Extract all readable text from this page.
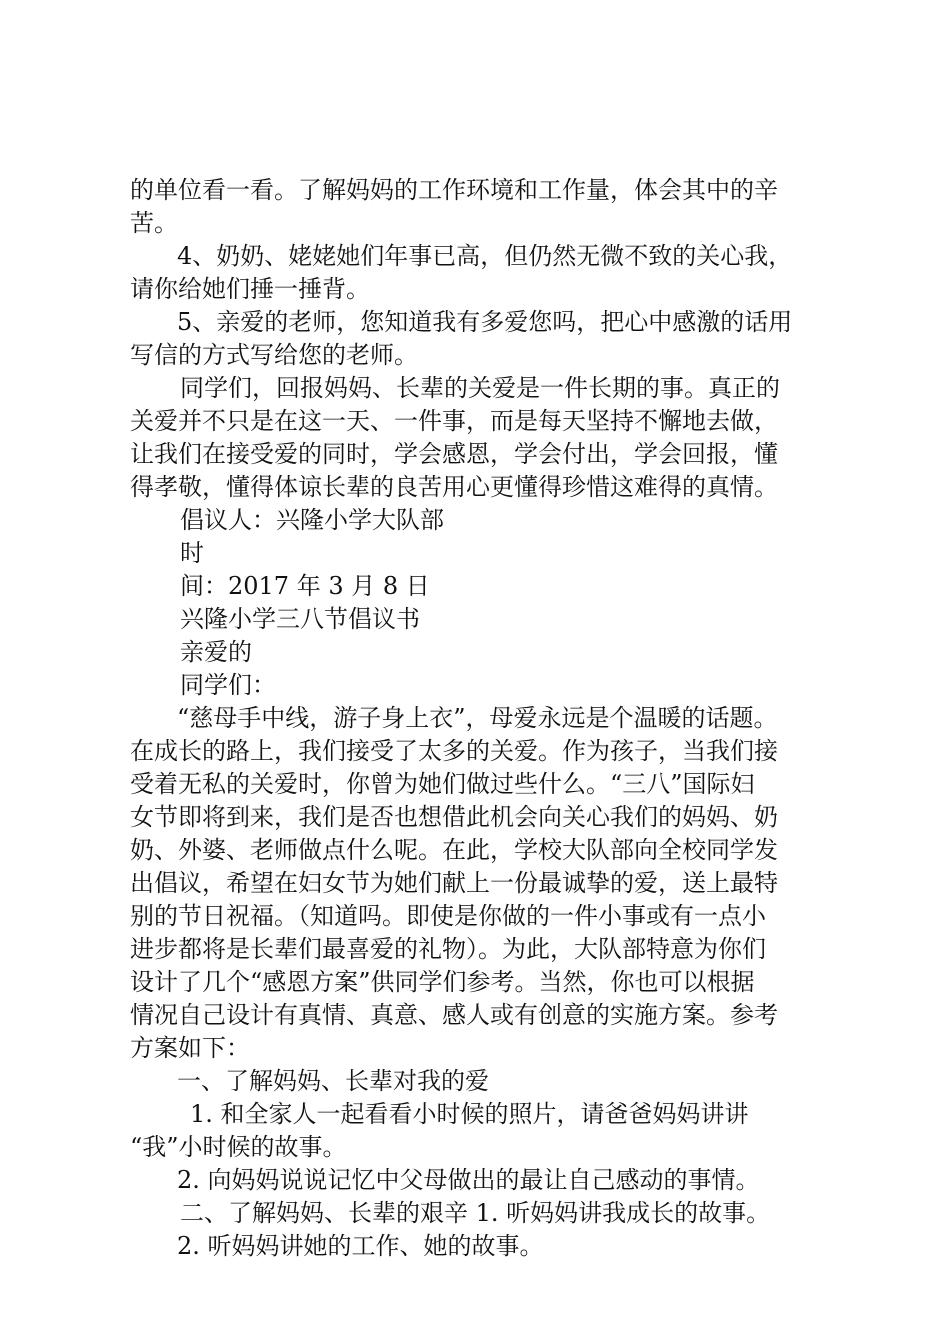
的单位看一看。了解妈妈的工作环境和工作量，体会其中的辛
苦。
4、奶奶、姥姥她们年事已高，但仍然无微不致的关心我，
请你给她们捶一捶背。
5、亲爱的老师，您知道我有多爱您吗，把心中感激的话用
写信的方式写给您的老师。
同学们，回报妈妈、长辈的关爱是一件长期的事。真正的
关爱并不只是在这一天、一件事，而是每天坚持不懈地去做，
让我们在接受爱的同时，学会感恩，学会付出，学会回报，懂
得孝敬，懂得体谅长辈的良苦用心更懂得珍惜这难得的真情。
倡议人：兴隆小学大队部
时
间：2017 年 3 月 8 日
兴隆小学三八节倡议书
亲爱的
同学们：
“慈母手中线，游子身上衣”，母爱永远是个温暖的话题。
在成长的路上，我们接受了太多的关爱。作为孩子，当我们接
受着无私的关爱时，你曾为她们做过些什么。“三八”国际妇
女节即将到来，我们是否也想借此机会向关心我们的妈妈、奶
奶、外婆、老师做点什么呢。在此，学校大队部向全校同学发
出倡议，希望在妇女节为她们献上一份最诚挚的爱，送上最特
别的节日祝福。（知道吗。即使是你做的一件小事或有一点小
进步都将是长辈们最喜爱的礼物）。为此，大队部特意为你们
设计了几个“感恩方案”供同学们参考。当然，你也可以根据
情况自己设计有真情、真意、感人或有创意的实施方案。参考
方案如下：
一、了解妈妈、长辈对我的爱
1. 和全家人一起看看小时候的照片，请爸爸妈妈讲讲
“我”小时候的故事。
2. 向妈妈说说记忆中父母做出的最让自己感动的事情。
二、了解妈妈、长辈的艰辛 1. 听妈妈讲我成长的故事。
2. 听妈妈讲她的工作、她的故事。
